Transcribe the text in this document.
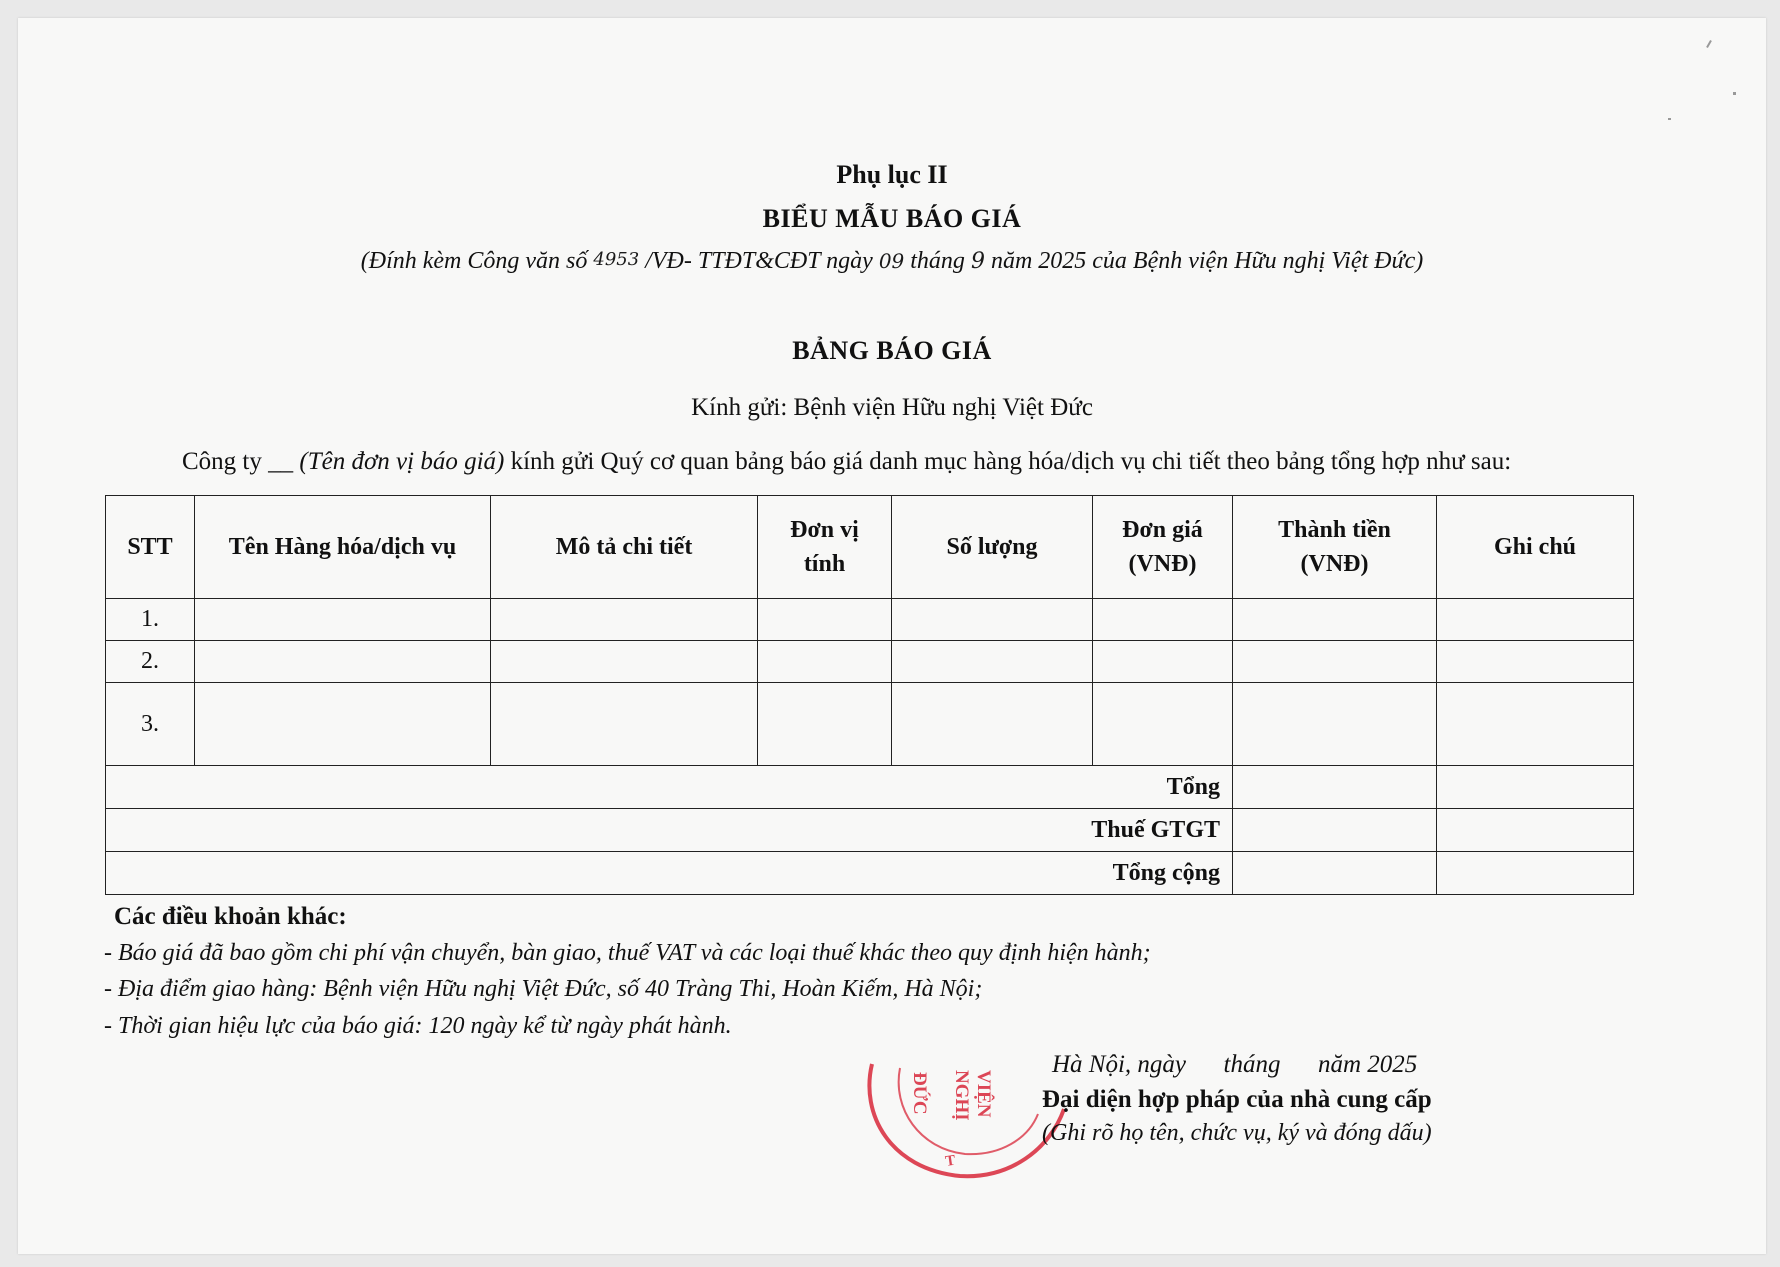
Phụ lục II
BIỂU MẪU BÁO GIÁ
(Đính kèm Công văn số 4953 /VĐ- TTĐT&CĐT ngày 09 tháng 9 năm 2025 của Bệnh viện Hữu nghị Việt Đức)
BẢNG BÁO GIÁ
Kính gửi: Bệnh viện Hữu nghị Việt Đức
Công ty __ (Tên đơn vị báo giá) kính gửi Quý cơ quan bảng báo giá danh mục hàng hóa/dịch vụ chi tiết theo bảng tổng hợp như sau:
STT	Tên Hàng hóa/dịch vụ	Mô tả chi tiết	Đơn vị tính	Số lượng	Đơn giá (VNĐ)	Thành tiền (VNĐ)	Ghi chú
1.							
2.							
3.							
Tổng							
Thuế GTGT							
Tổng cộng							
Các điều khoản khác:
- Báo giá đã bao gồm chi phí vận chuyển, bàn giao, thuế VAT và các loại thuế khác theo quy định hiện hành;
- Địa điểm giao hàng: Bệnh viện Hữu nghị Việt Đức, số 40 Tràng Thi, Hoàn Kiếm, Hà Nội;
- Thời gian hiệu lực của báo giá: 120 ngày kể từ ngày phát hành.
VIỆN
NGHỊ
ĐỨC
T
Hà Nội, ngày      tháng      năm 2025
Đại diện hợp pháp của nhà cung cấp
(Ghi rõ họ tên, chức vụ, ký và đóng dấu)
